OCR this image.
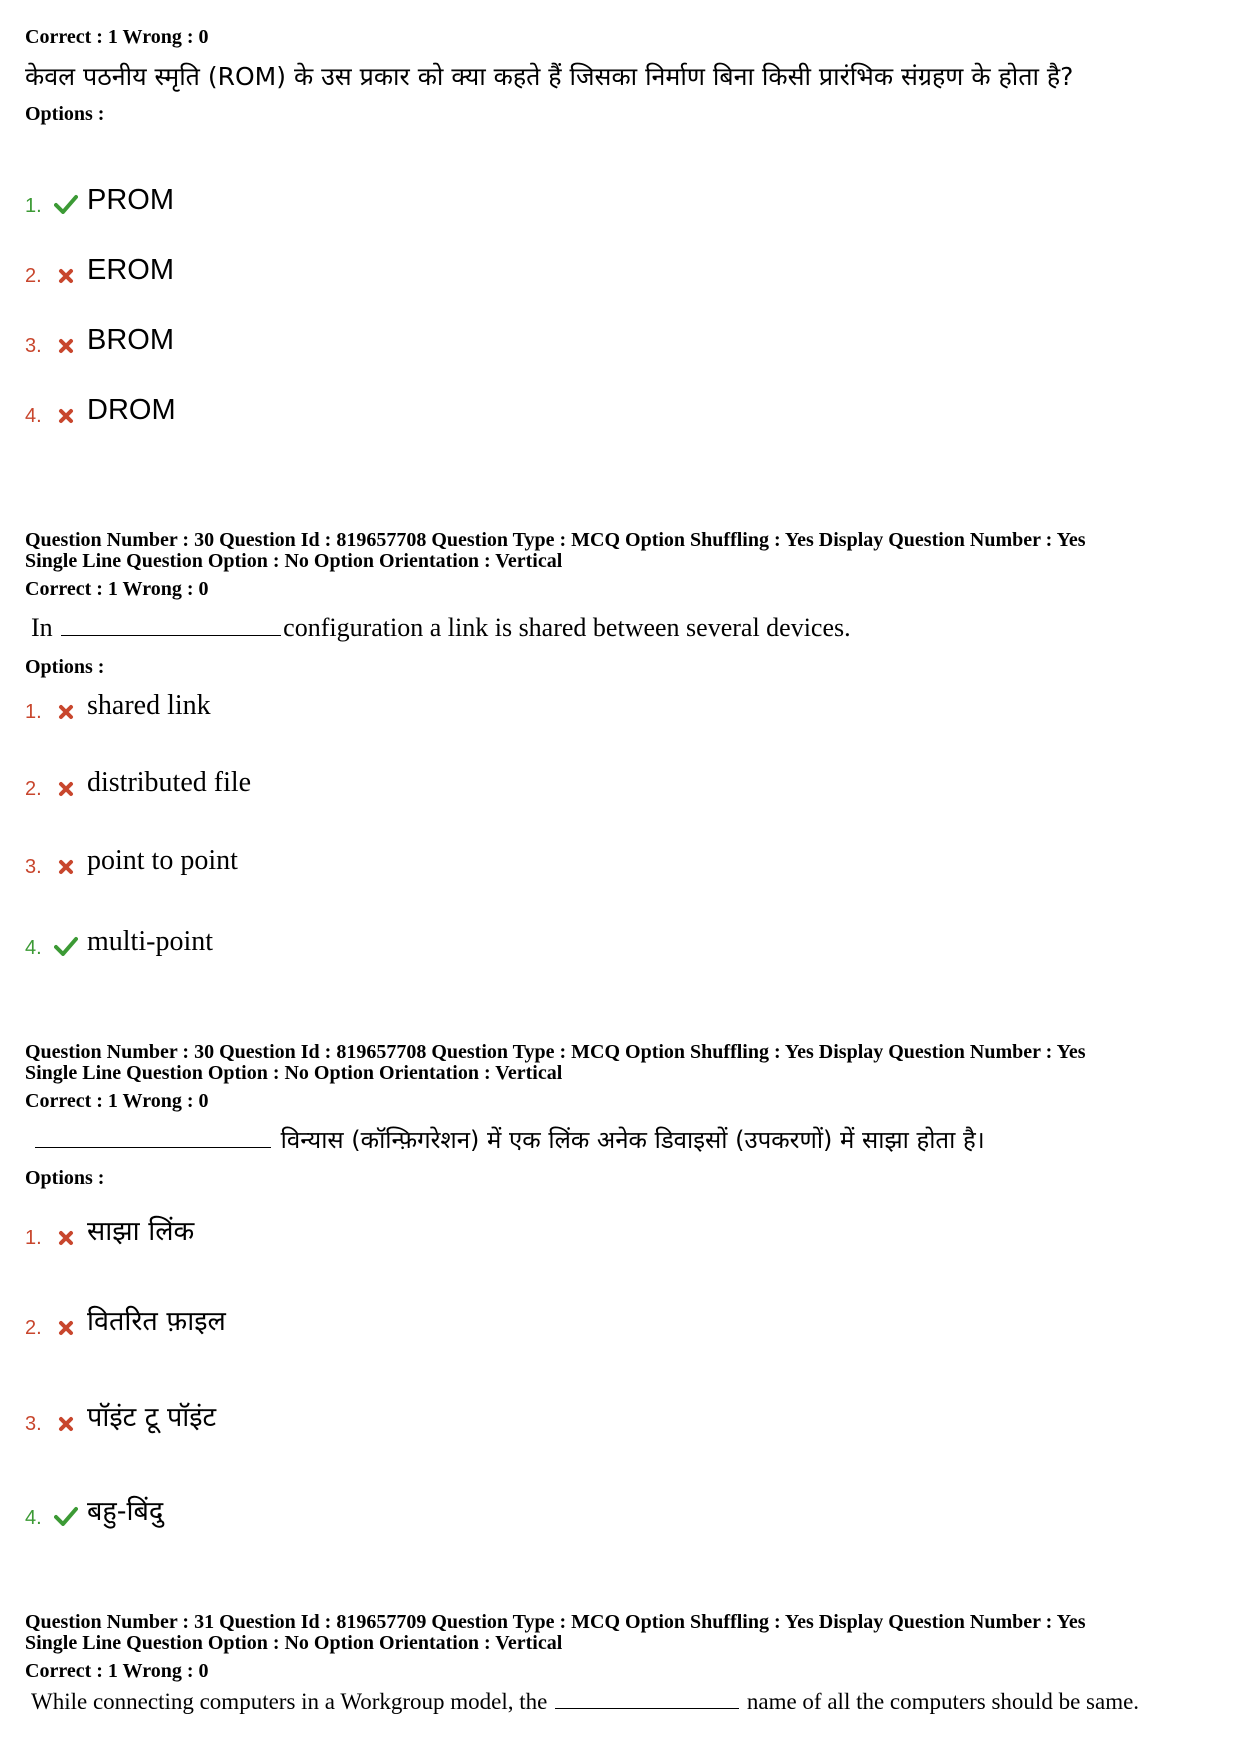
Correct : 1 Wrong : 0
केवल पठनीय स्मृति (ROM) के उस प्रकार को क्या कहते हैं जिसका निर्माण बिना किसी प्रारंभिक संग्रहण के होता है?
Options :
1.	PROM
2.	EROM
3.	BROM
4.	DROM
Question Number : 30 Question Id : 819657708 Question Type : MCQ Option Shuffling : Yes Display Question Number : Yes
Single Line Question Option : No Option Orientation : Vertical
Correct : 1 Wrong : 0
In	configuration a link is shared between several devices.
Options :
1.	shared link
2.	distributed file
3.	point to point
4.	multi-point
Question Number : 30 Question Id : 819657708 Question Type : MCQ Option Shuffling : Yes Display Question Number : Yes
Single Line Question Option : No Option Orientation : Vertical
Correct : 1 Wrong : 0
विन्यास (कॉन्फ़िगरेशन) में एक लिंक अनेक डिवाइसों (उपकरणों) में साझा होता है।
Options :
1.	साझा लिंक
2.	वितरित फ़ाइल
3.	पॉइंट टू पॉइंट
4.	बहु-बिंदु
Question Number : 31 Question Id : 819657709 Question Type : MCQ Option Shuffling : Yes Display Question Number : Yes
Single Line Question Option : No Option Orientation : Vertical
Correct : 1 Wrong : 0
While connecting computers in a Workgroup model, the	name of all the computers should be same.
